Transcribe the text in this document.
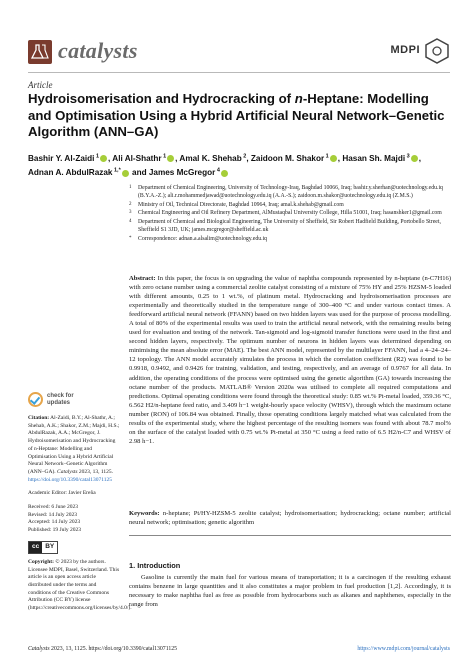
catalysts	MDPI
Article
Hydroisomerisation and Hydrocracking of n-Heptane: Modelling and Optimisation Using a Hybrid Artificial Neural Network–Genetic Algorithm (ANN–GA)
Bashir Y. Al-Zaidi $^1$ , Ali Al-Shathr $^1$ , Amal K. Shehab $^2$, Zaidoon M. Shakor $^1$ , Hasan Sh. Majdi $^3$ , Adnan A. AbdulRazak $^{1,*}$ and James McGregor $^4$
1	Department of Chemical Engineering, University of Technology-Iraq, Baghdad 10066, Iraq; bashir.y.sherhan@uotechnology.edu.iq (B.Y.A.-Z.); ali.r.mohammedjawad@uotechnology.edu.iq (A.A.-S.); zaidoon.m.shakor@uotechnology.edu.iq (Z.M.S.)
2	Ministry of Oil, Technical Directorate, Baghdad 10964, Iraq; amal.k.shehab@gmail.com
3	Chemical Engineering and Oil Refinery Department, AlMustaqbal University College, Hilla 51001, Iraq; hasanshker1@gmail.com
4	Department of Chemical and Biological Engineering, The University of Sheffield, Sir Robert Hadfield Building, Portobello Street, Sheffield S1 3JD, UK; james.mcgregor@sheffield.ac.uk
*	Correspondence: adnan.a.alsalim@uotechnology.edu.iq
Abstract: In this paper, the focus is on upgrading the value of naphtha compounds represented by n-heptane (n-C7H16) with zero octane number using a commercial zeolite catalyst consisting of a mixture of 75% HY and 25% HZSM-5 loaded with different amounts, 0.25 to 1 wt.%, of platinum metal. Hydrocracking and hydroisomerisation processes are experimentally and theoretically studied in the temperature range of 300–400 °C and under various contact times. A feedforward artificial neural network (FFANN) based on two hidden layers was used for the purpose of process modelling. A total of 80% of the experimental results was used to train the artificial neural network, with the remaining results being used for evaluation and testing of the network. Tan-sigmoid and log-sigmoid transfer functions were used in the first and second hidden layers, respectively. The optimum number of neurons in hidden layers was determined depending on minimising the mean absolute error (MAE). The best ANN model, represented by the multilayer FFANN, had a 4–24–24–12 topology. The ANN model accurately simulates the process in which the correlation coefficient (R2) was found to be 0.9918, 0.9492, and 0.9426 for training, validation, and testing, respectively, and an average of 0.9767 for all data. In addition, the operating conditions of the process were optimised using the genetic algorithm (GA) towards increasing the octane number of the products. MATLAB® Version 2020a was utilised to complete all required computations and predictions. Optimal operating conditions were found through the theoretical study: 0.85 wt.% Pt-metal loaded, 359.36 °C, 6.562 H2/n-heptane feed ratio, and 3.409 h−1 weight-hourly space velocity (WHSV), through which the maximum octane number (RON) of 106.84 was obtained. Finally, those operating conditions largely matched what was calculated from the results of the experimental study, where the highest percentage of the resulting isomers was found with about 78.7 mol% on the surface of the catalyst loaded with 0.75 wt.% Pt-metal at 350 °C using a feed ratio of 6.5 H2/n-C7 and WHSV of 2.98 h−1.
check for
updates
Citation: Al-Zaidi, B.Y.; Al-Shathr, A.; Shehab, A.K.; Shakor, Z.M.; Majdi, H.S.; AbdulRazak, A.A.; McGregor, J. Hydroisomerisation and Hydrocracking of n-Heptane: Modelling and Optimisation Using a Hybrid Artificial Neural Network–Genetic Algorithm (ANN–GA). Catalysts 2023, 13, 1125. https://doi.org/10.3390/catal13071125
Academic Editor: Javier Ereña
Received: 6 June 2023
Revised: 14 July 2023
Accepted: 14 July 2023
Published: 19 July 2023
cc BY
Copyright: © 2023 by the authors. Licensee MDPI, Basel, Switzerland. This article is an open access article distributed under the terms and conditions of the Creative Commons Attribution (CC BY) license (https://creativecommons.org/licenses/by/4.0/).
Keywords: n-heptane; Pt/HY-HZSM-5 zeolite catalyst; hydroisomerisation; hydrocracking; octane number; artificial neural network; optimisation; genetic algorithm
1. Introduction
Gasoline is currently the main fuel for various means of transportation; it is a carcinogen if the resulting exhaust contains benzene in large quantities and it also constitutes a major problem in fuel production [1,2]. Accordingly, it is necessary to make naphtha fuel as free as possible from hydrocarbons such as alkanes and naphthenes, especially in the range from
Catalysts 2023, 13, 1125. https://doi.org/10.3390/catal13071125	https://www.mdpi.com/journal/catalysts
